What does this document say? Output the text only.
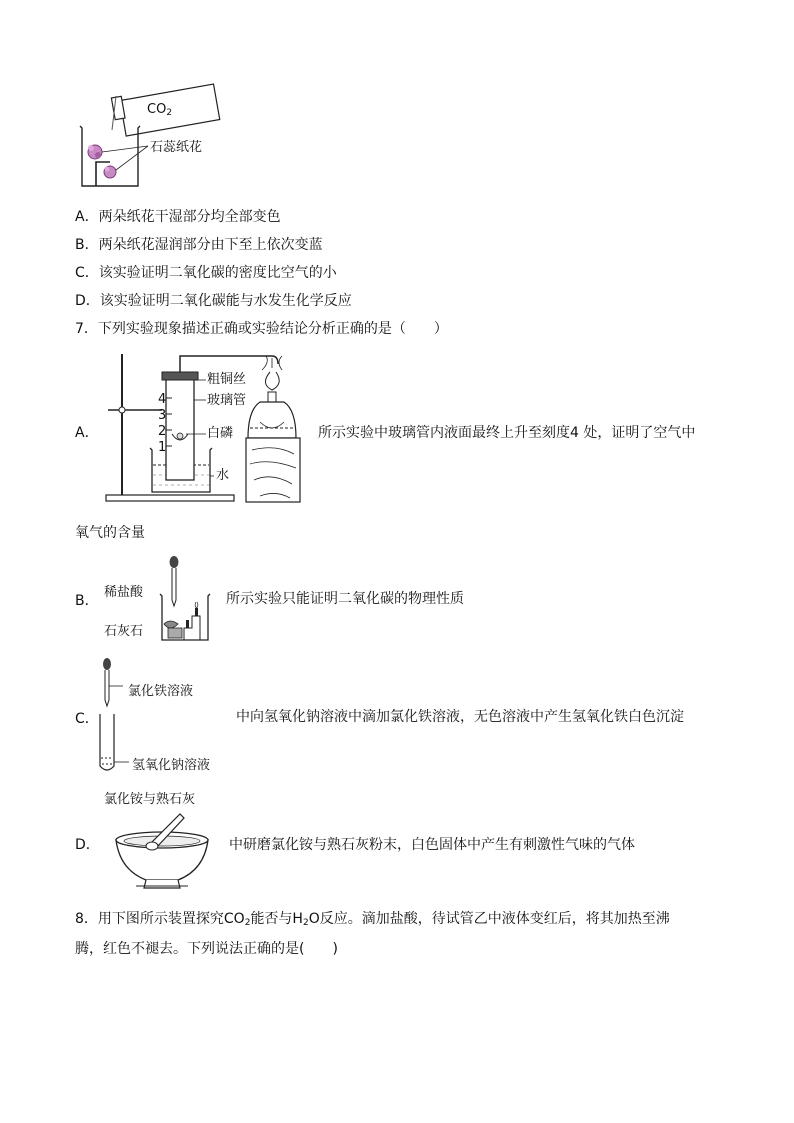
$CO_2$
石蕊纸花
A．两朵纸花干湿部分均全部变色
B．两朵纸花湿润部分由下至上依次变蓝
C．该实验证明二氧化碳的密度比空气的小
D．该实验证明二氧化碳能与水发生化学反应
7．下列实验现象描述正确或实验结论分析正确的是（　　）
A．
4
3
2
1
粗铜丝
玻璃管
白磷
水
所示实验中玻璃管内液面最终上升至刻度4 处，证明了空气中
氧气的含量
B．
稀盐酸
石灰石
所示实验只能证明二氧化碳的物理性质
C．
氯化铁溶液
氢氧化钠溶液
中向氢氧化钠溶液中滴加氯化铁溶液，无色溶液中产生氢氧化铁白色沉淀
氯化铵与熟石灰
D．	中研磨氯化铵与熟石灰粉末，白色固体中产生有刺激性气味的气体
8．用下图所示装置探究$CO_2$能否与$H_2O$反应。滴加盐酸，待试管乙中液体变红后，将其加热至沸
腾，红色不褪去。下列说法正确的是(　　)
